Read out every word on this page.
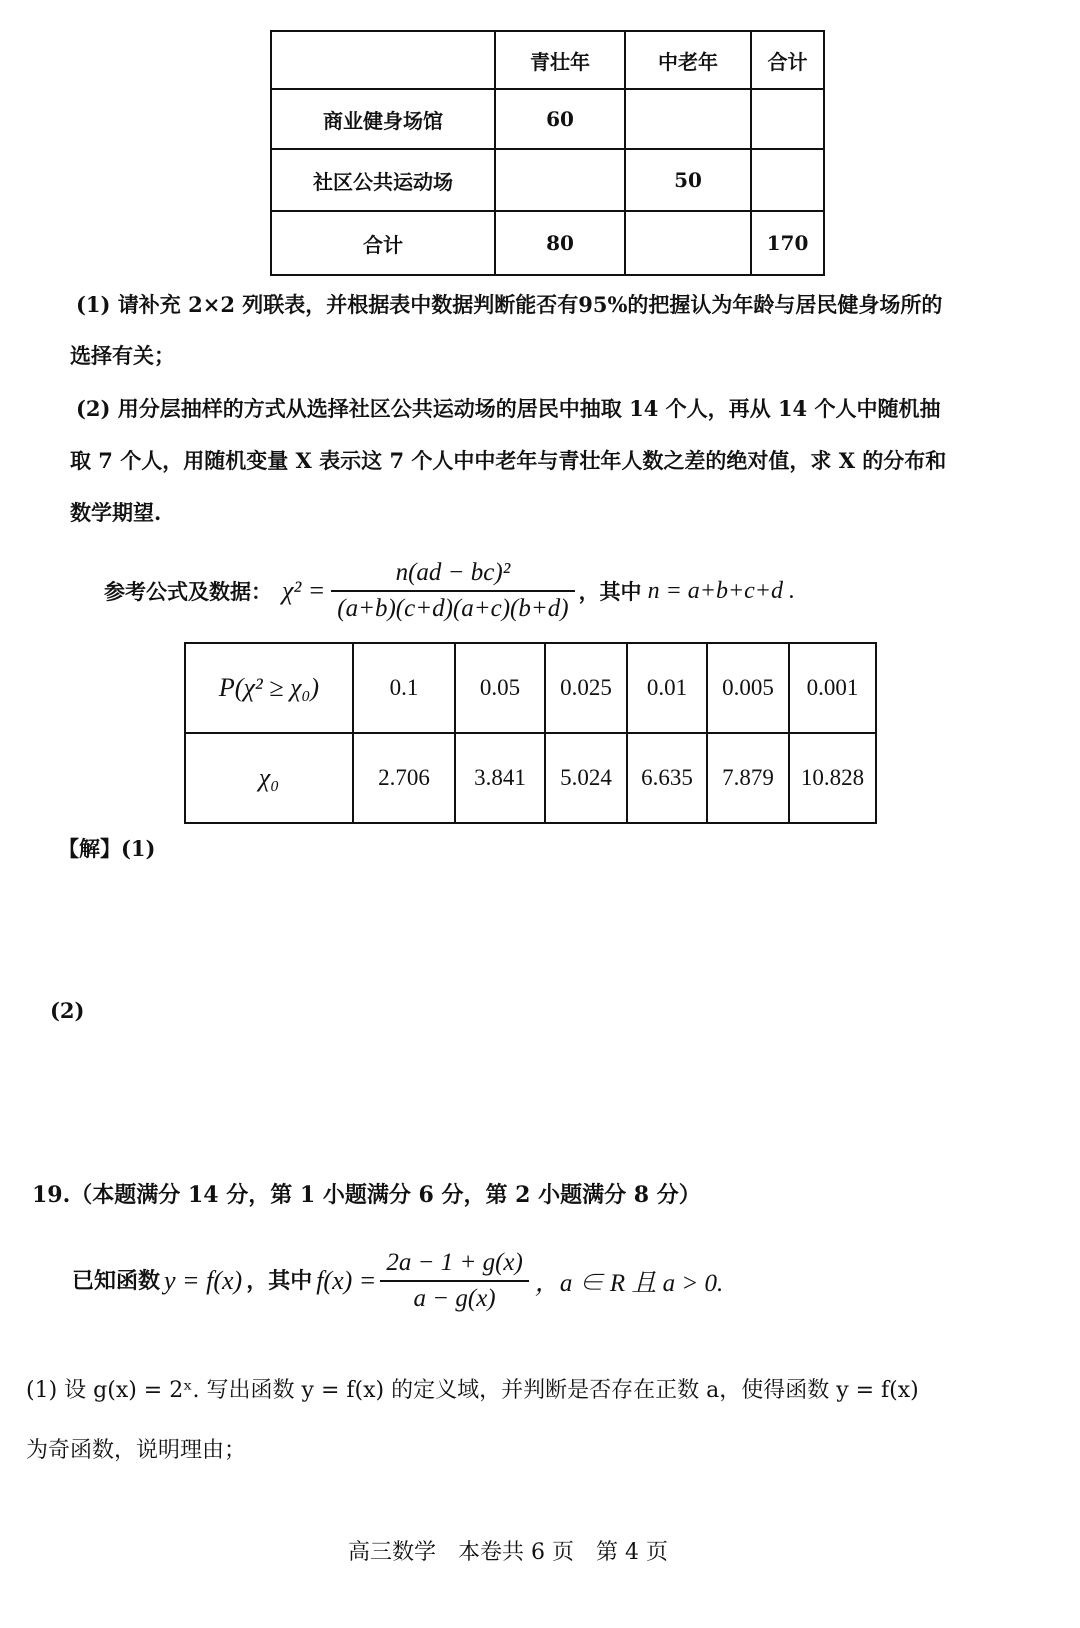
	青壮年	中老年	合计
商业健身场馆	60		
社区公共运动场		50	
合计	80		170
(1) 请补充 2×2 列联表，并根据表中数据判断能否有95%的把握认为年龄与居民健身场所的
选择有关；
(2) 用分层抽样的方式从选择社区公共运动场的居民中抽取 14 个人，再从 14 个人中随机抽
取 7 个人，用随机变量 X 表示这 7 个人中中老年与青壮年人数之差的绝对值，求 X 的分布和
数学期望.
参考公式及数据： $\chi^2 = \frac{\text{n(ad − bc)²}}{(a+b)(c+d)(a+c)(b+d)}$ ，其中 n = a+b+c+d .
P(χ² ≥ χ₀)	0.1	0.05	0.025	0.01	0.005	0.001
χ₀	2.706	3.841	5.024	6.635	7.879	10.828
【解】(1)
(2)
19.（本题满分 14 分，第 1 小题满分 6 分，第 2 小题满分 8 分）
已知函数 y = f(x) ，其中 $f(x) = \frac{2a - 1 + g(x)}{a - g(x)}$ ，a ∈ R 且 a > 0.
(1) 设 g(x) = 2ˣ. 写出函数 y = f(x) 的定义域，并判断是否存在正数 a，使得函数 y = f(x)
为奇函数，说明理由；
高三数学　本卷共 6 页　第 4 页
